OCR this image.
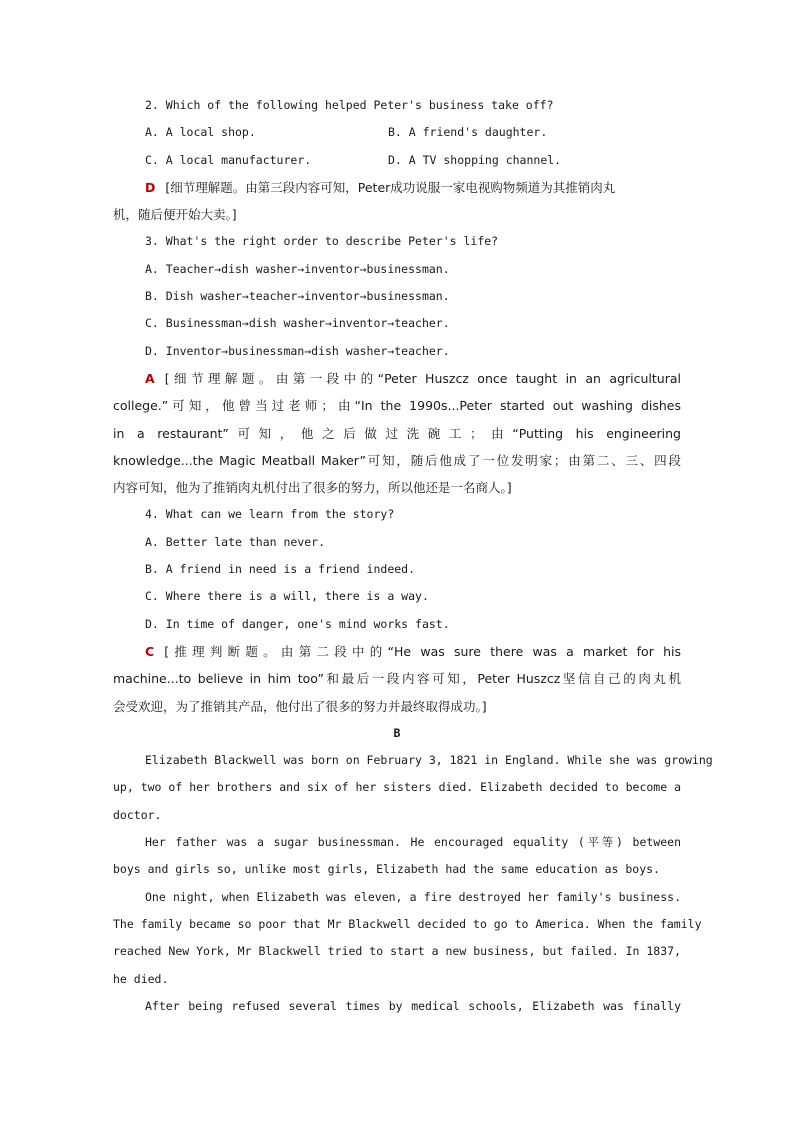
2. Which of the following helped Peter's business take off?
A. A local shop.	B. A friend's daughter.
C. A local manufacturer.	D. A TV shopping channel.
D [细节理解题。由第三段内容可知，Peter成功说服一家电视购物频道为其推销肉丸
机，随后便开始大卖。]
3. What's the right order to describe Peter's life?
A. Teacher→dish washer→inventor→businessman.
B. Dish washer→teacher→inventor→businessman.
C. Businessman→dish washer→inventor→teacher.
D. Inventor→businessman→dish washer→teacher.
A [细节理解题。由第一段中的“Peter Huszcz once taught in an agricultural
college.”可知，他曾当过老师；由“In the 1990s...Peter started out washing dishes
in a restaurant”可知，他之后做过洗碗工；由“Putting his engineering
knowledge...the Magic Meatball Maker”可知，随后他成了一位发明家；由第二、三、四段
内容可知，他为了推销肉丸机付出了很多的努力，所以他还是一名商人。]
4. What can we learn from the story?
A. Better late than never.
B. A friend in need is a friend indeed.
C. Where there is a will, there is a way.
D. In time of danger, one's mind works fast.
C [推理判断题。由第二段中的“He was sure there was a market for his
machine...to believe in him too”和最后一段内容可知，Peter Huszcz坚信自己的肉丸机
会受欢迎，为了推销其产品，他付出了很多的努力并最终取得成功。]
B
Elizabeth Blackwell was born on February 3, 1821 in England. While she was growing
up, two of her brothers and six of her sisters died. Elizabeth decided to become a
doctor.
Her father was a sugar businessman. He encouraged equality (平等) between
boys and girls so, unlike most girls, Elizabeth had the same education as boys.
One night, when Elizabeth was eleven, a fire destroyed her family's business.
The family became so poor that Mr Blackwell decided to go to America. When the family
reached New York, Mr Blackwell tried to start a new business, but failed. In 1837,
he died.
After being refused several times by medical schools, Elizabeth was finally
